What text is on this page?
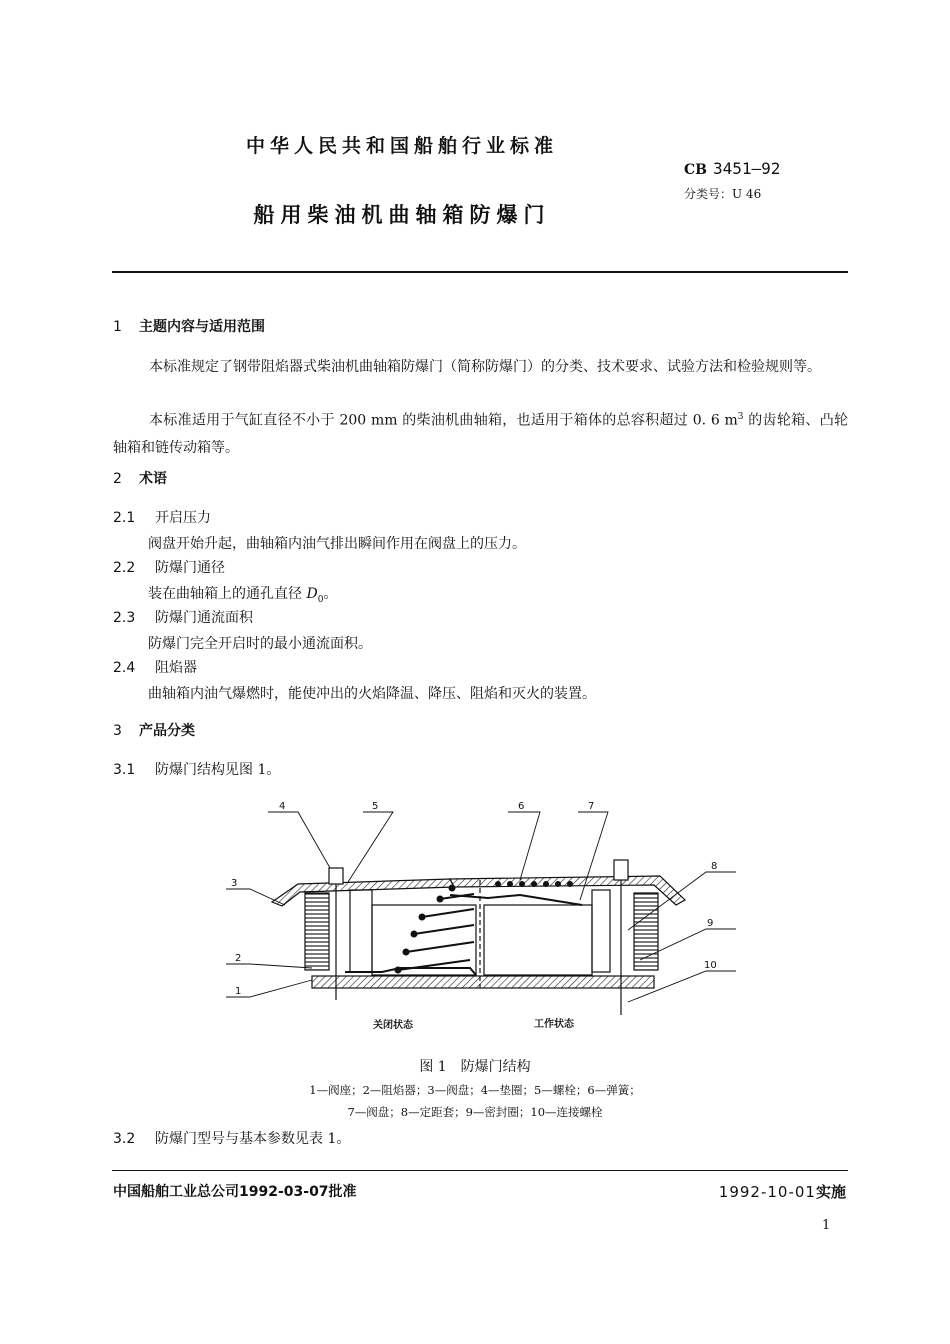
中华人民共和国船舶行业标准
CB 3451—92
分类号：U 46
船用柴油机曲轴箱防爆门
1 主题内容与适用范围
本标准规定了钢带阻焰器式柴油机曲轴箱防爆门（简称防爆门）的分类、技术要求、试验方法和检验规则等。
本标准适用于气缸直径不小于 200 mm 的柴油机曲轴箱，也适用于箱体的总容积超过 0. 6 $m^3$ 的齿轮箱、凸轮轴箱和链传动箱等。
2 术语
2.1 开启压力
阀盘开始升起，曲轴箱内油气排出瞬间作用在阀盘上的压力。
2.2 防爆门通径
装在曲轴箱上的通孔直径 $D_0$。
2.3 防爆门通流面积
防爆门完全开启时的最小通流面积。
2.4 阻焰器
曲轴箱内油气爆燃时，能使冲出的火焰降温、降压、阻焰和灭火的装置。
3 产品分类
3.1 防爆门结构见图 1。
1
2
3
4	5	6	7
8
9
10
关闭状态	工作状态
图 1　防爆门结构
1—阀座；2—阻焰器；3—阀盘；4—垫圈；5—螺栓；6—弹簧；
7—阀盘；8—定距套；9—密封圈；10—连接螺栓
3.2 防爆门型号与基本参数见表 1。
中国船舶工业总公司1992-03-07批准	1992-10-01实施
1
